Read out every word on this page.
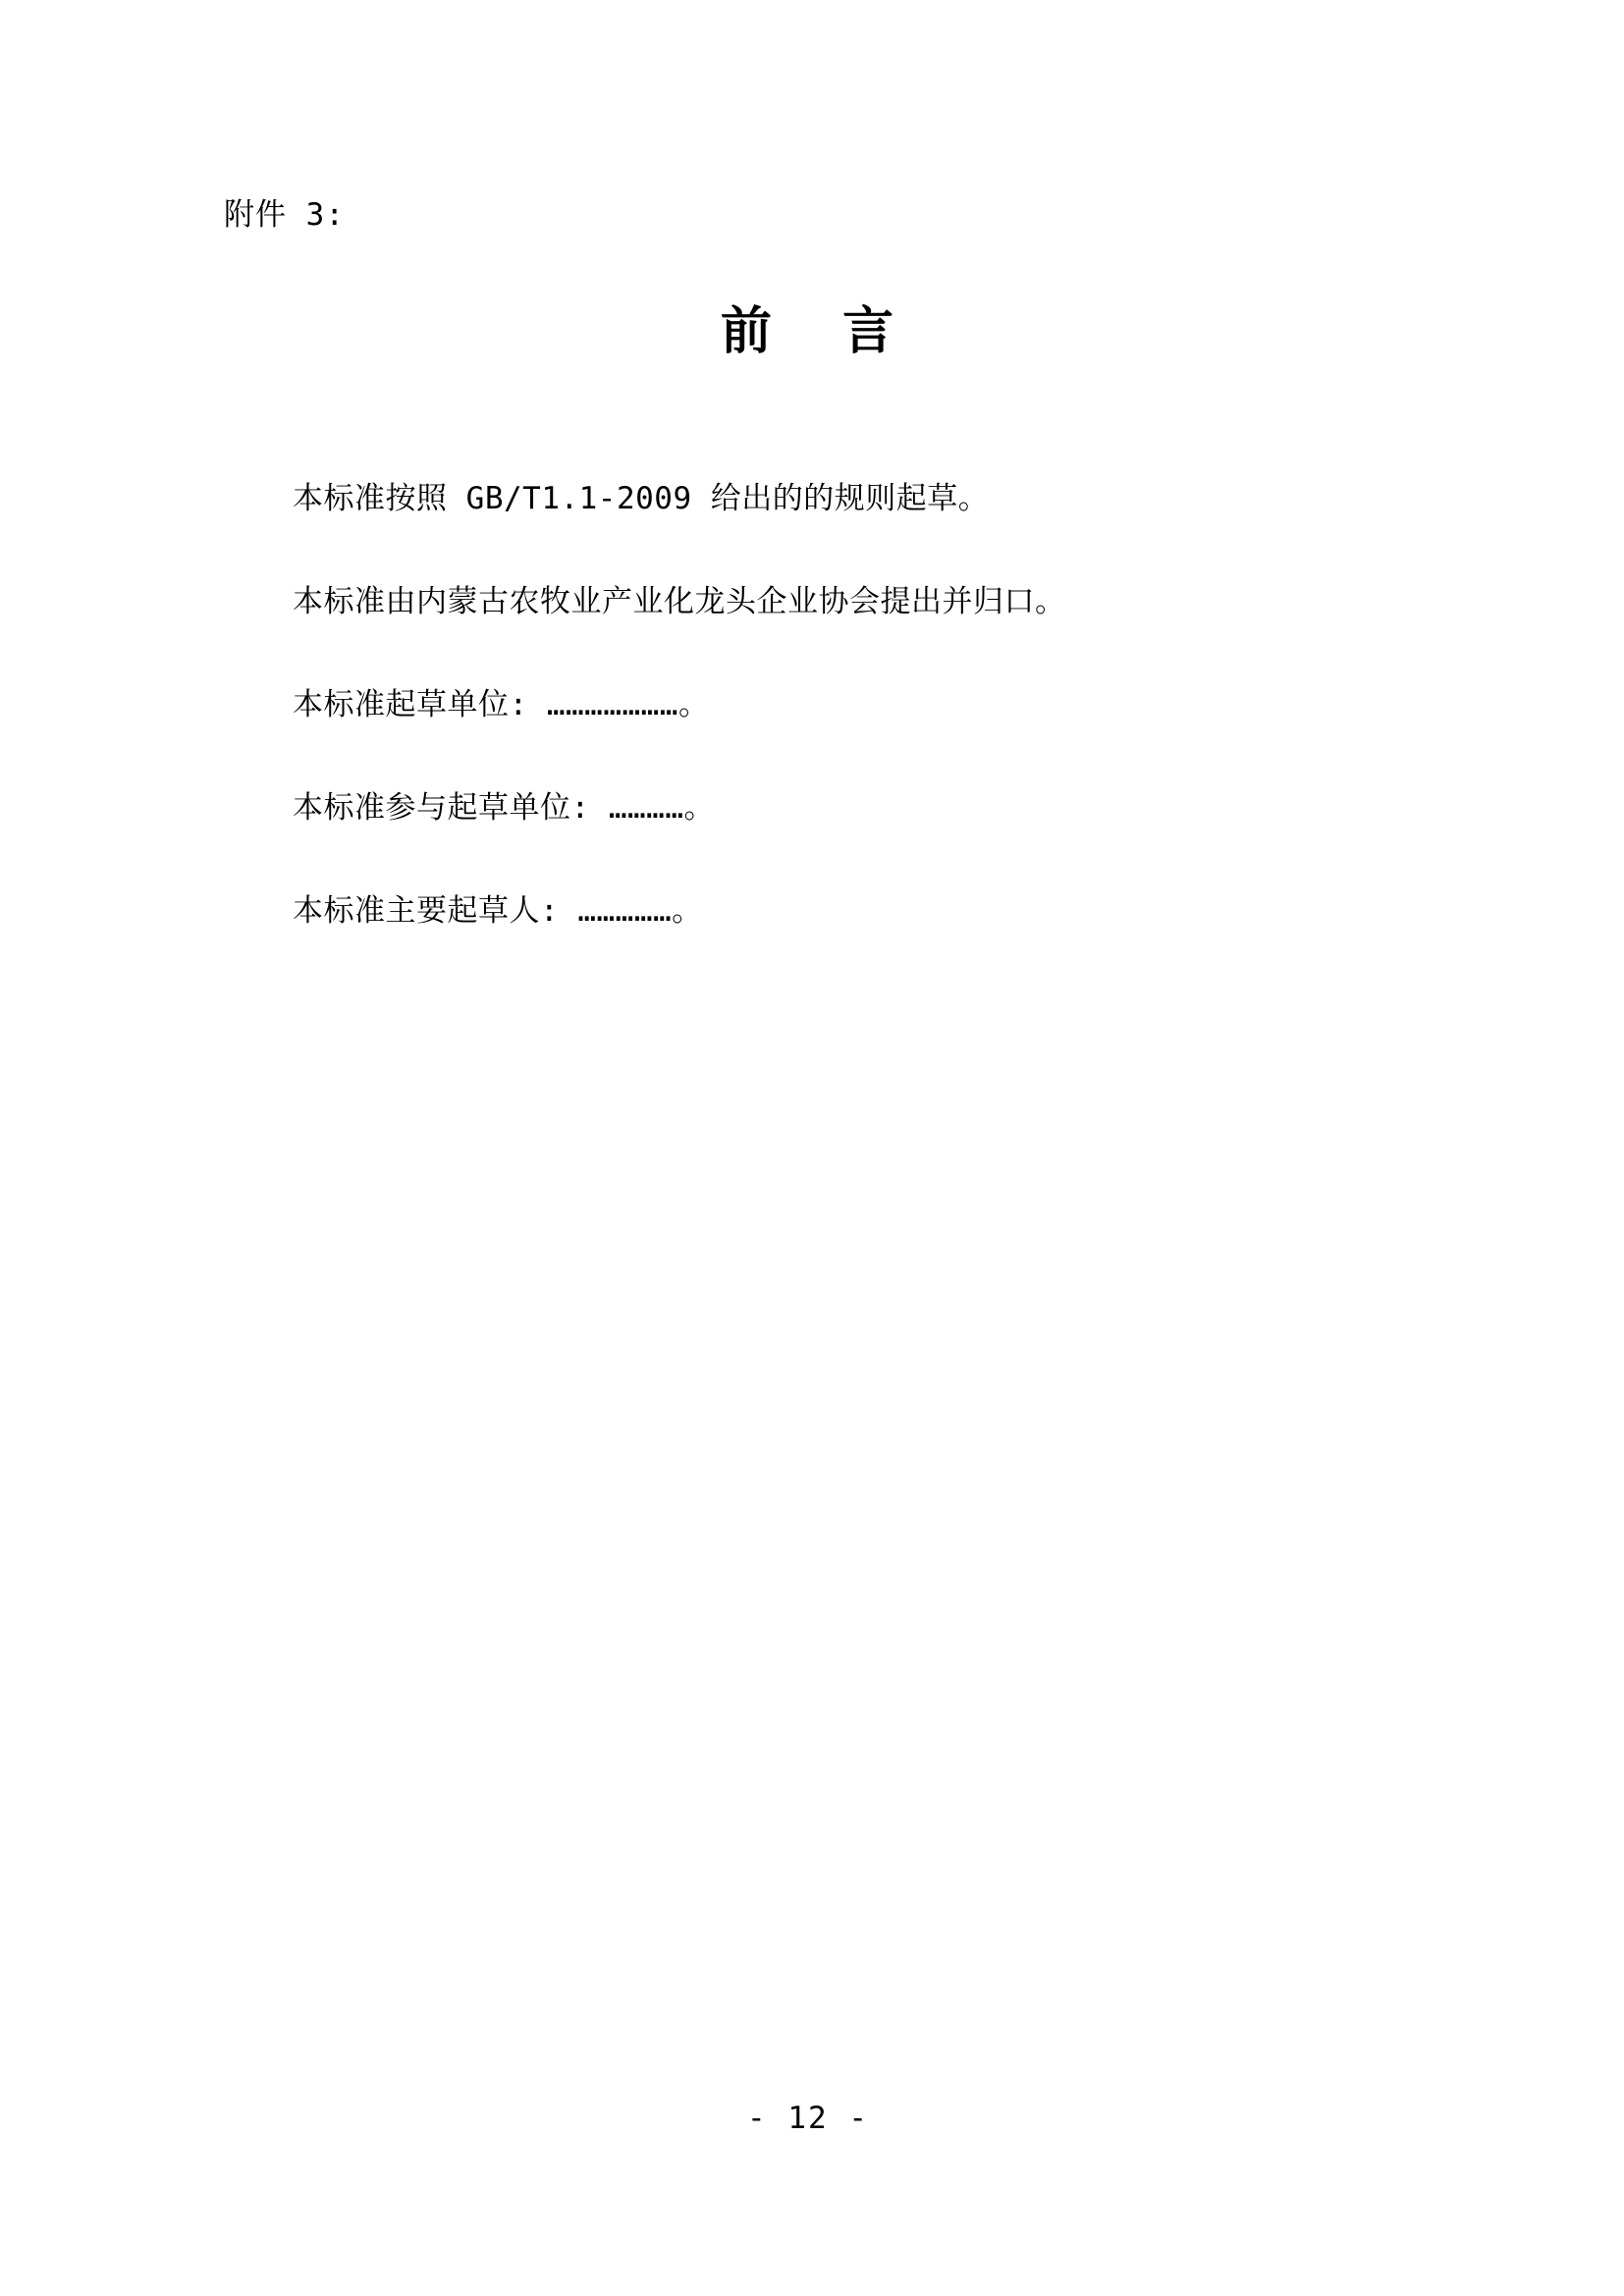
附件 3:
前 言

本标准按照 GB/T1.1-2009 给出的的规则起草。

本标准由内蒙古农牧业产业化龙头企业协会提出并归口。

本标准起草单位: …………………。

本标准参与起草单位: …………。

本标准主要起草人: ……………。

- 12 -
